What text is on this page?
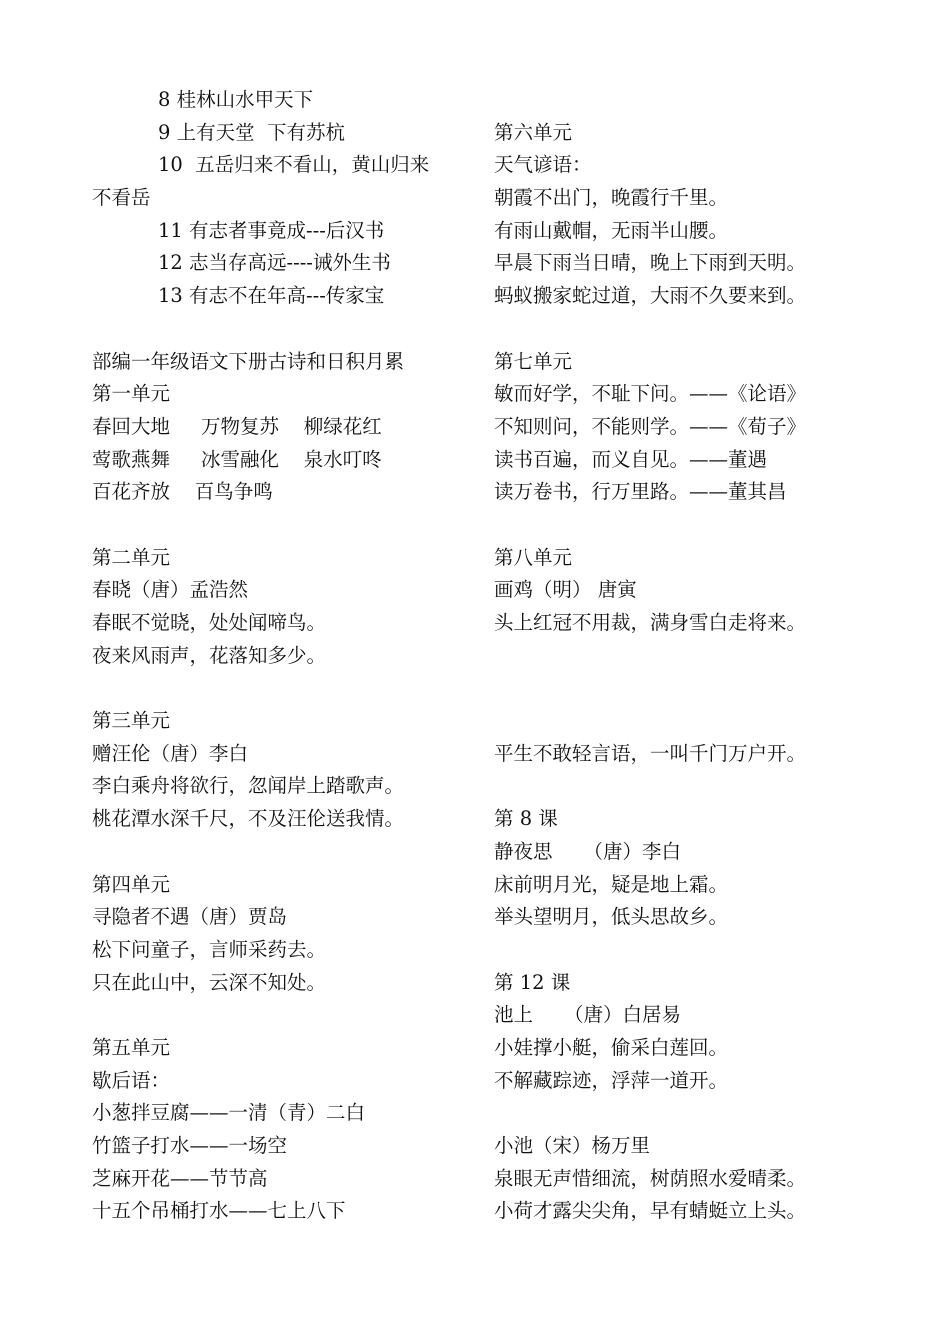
8 桂林山水甲天下
9 上有天堂  下有苏杭
10  五岳归来不看山，黄山归来
不看岳
11 有志者事竟成---后汉书
12 志当存高远----诫外生书
13 有志不在年高---传家宝
部编一年级语文下册古诗和日积月累
第一单元
春回大地     万物复苏    柳绿花红
莺歌燕舞     冰雪融化    泉水叮咚
百花齐放    百鸟争鸣
第二单元
春晓（唐）孟浩然
春眠不觉晓，处处闻啼鸟。
夜来风雨声，花落知多少。
第三单元
赠汪伦（唐）李白
李白乘舟将欲行，忽闻岸上踏歌声。
桃花潭水深千尺，不及汪伦送我情。
第四单元
寻隐者不遇（唐）贾岛
松下问童子，言师采药去。
只在此山中，云深不知处。
第五单元
歇后语：
小葱拌豆腐——一清（青）二白
竹篮子打水——一场空
芝麻开花——节节高
十五个吊桶打水——七上八下
第六单元
天气谚语：
朝霞不出门，晚霞行千里。
有雨山戴帽，无雨半山腰。
早晨下雨当日晴，晚上下雨到天明。
蚂蚁搬家蛇过道，大雨不久要来到。
第七单元
敏而好学，不耻下问。——《论语》
不知则问，不能则学。——《荀子》
读书百遍，而义自见。——董遇
读万卷书，行万里路。——董其昌
第八单元
画鸡（明） 唐寅
头上红冠不用裁，满身雪白走将来。
平生不敢轻言语，一叫千门万户开。
第 8 课
静夜思     （唐）李白
床前明月光，疑是地上霜。
举头望明月，低头思故乡。
第 12 课
池上     （唐）白居易
小娃撑小艇，偷采白莲回。
不解藏踪迹，浮萍一道开。
小池（宋）杨万里
泉眼无声惜细流，树荫照水爱晴柔。
小荷才露尖尖角，早有蜻蜓立上头。
